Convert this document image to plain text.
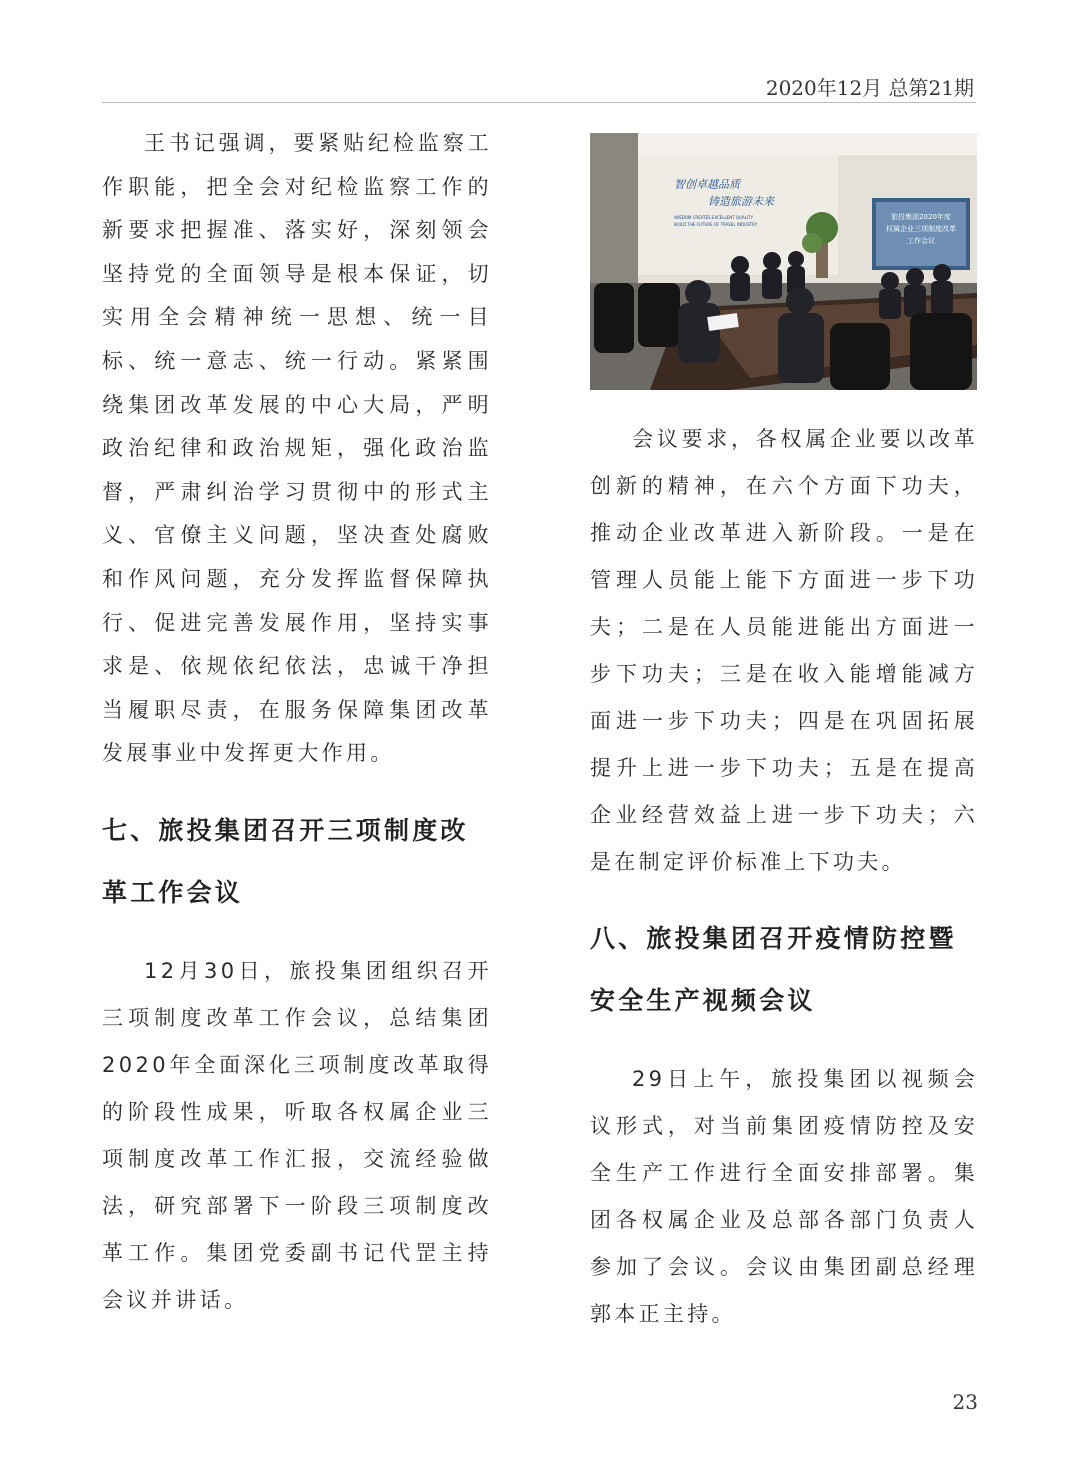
2020年12月 总第21期

王书记强调，要紧贴纪检监察工作职能，把全会对纪检监察工作的新要求把握准、落实好，深刻领会坚持党的全面领导是根本保证，切实用全会精神统一思想、统一目标、统一意志、统一行动。紧紧围绕集团改革发展的中心大局，严明政治纪律和政治规矩，强化政治监督，严肃纠治学习贯彻中的形式主义、官僚主义问题，坚决查处腐败和作风问题，充分发挥监督保障执行、促进完善发展作用，坚持实事求是、依规依纪依法，忠诚干净担当履职尽责，在服务保障集团改革发展事业中发挥更大作用。

七、旅投集团召开三项制度改革工作会议

12月30日，旅投集团组织召开三项制度改革工作会议，总结集团2020年全面深化三项制度改革取得的阶段性成果，听取各权属企业三项制度改革工作汇报，交流经验做法，研究部署下一阶段三项制度改革工作。集团党委副书记代罡主持会议并讲话。

旅投集团2020年度
权属企业三项制度改革
工作会议
智创卓越品质
铸造旅游未来
WISDOM CREATES EXCELLENT QUALITY
BUILD THE FUTURE OF TRAVEL INDUSTRY

会议要求，各权属企业要以改革创新的精神，在六个方面下功夫，推动企业改革进入新阶段。一是在管理人员能上能下方面进一步下功夫；二是在人员能进能出方面进一步下功夫；三是在收入能增能减方面进一步下功夫；四是在巩固拓展提升上进一步下功夫；五是在提高企业经营效益上进一步下功夫；六是在制定评价标准上下功夫。

八、旅投集团召开疫情防控暨安全生产视频会议

29日上午，旅投集团以视频会议形式，对当前集团疫情防控及安全生产工作进行全面安排部署。集团各权属企业及总部各部门负责人参加了会议。会议由集团副总经理郭本正主持。

23
